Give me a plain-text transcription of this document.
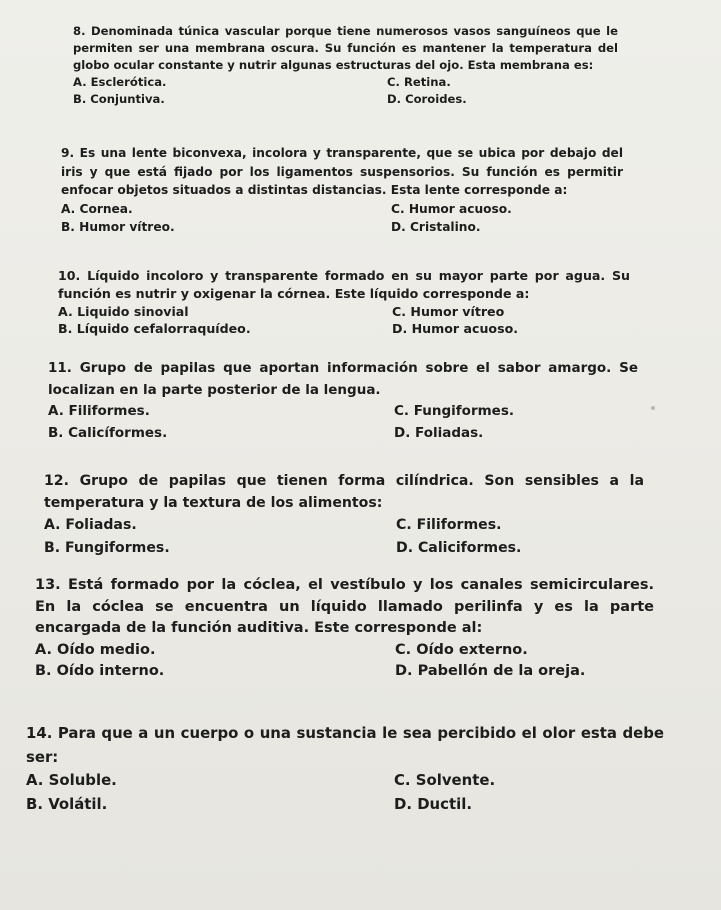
8. Denominada túnica vascular porque tiene numerosos vasos sanguíneos que le permiten ser una membrana oscura. Su función es mantener la temperatura del globo ocular constante y nutrir algunas estructuras del ojo. Esta membrana es:

A. Esclerótica.	C. Retina.
B. Conjuntiva.	D. Coroides.

9. Es una lente biconvexa, incolora y transparente, que se ubica por debajo del iris y que está fijado por los ligamentos suspensorios. Su función es permitir enfocar objetos situados a distintas distancias. Esta lente corresponde a:

A. Cornea.	C. Humor acuoso.
B. Humor vítreo.	D. Cristalino.

10. Líquido incoloro y transparente formado en su mayor parte por agua. Su función es nutrir y oxigenar la córnea. Este líquido corresponde a:

A. Liquido sinovial	C. Humor vítreo
B. Líquido cefalorraquídeo.	D. Humor acuoso.

11. Grupo de papilas que aportan información sobre el sabor amargo. Se localizan en la parte posterior de la lengua.

A. Filiformes.	C. Fungiformes.
B. Calicíformes.	D. Foliadas.

12. Grupo de papilas que tienen forma cilíndrica. Son sensibles a la temperatura y la textura de los alimentos:

A. Foliadas.	C. Filiformes.
B. Fungiformes.	D. Caliciformes.

13. Está formado por la cóclea, el vestíbulo y los canales semicirculares. En la cóclea se encuentra un líquido llamado perilinfa y es la parte encargada de la función auditiva. Este corresponde al:

A. Oído medio.	C. Oído externo.
B. Oído interno.	D. Pabellón de la oreja.

14. Para que a un cuerpo o una sustancia le sea percibido el olor esta debe ser:

A. Soluble.	C. Solvente.
B. Volátil.	D. Ductil.
